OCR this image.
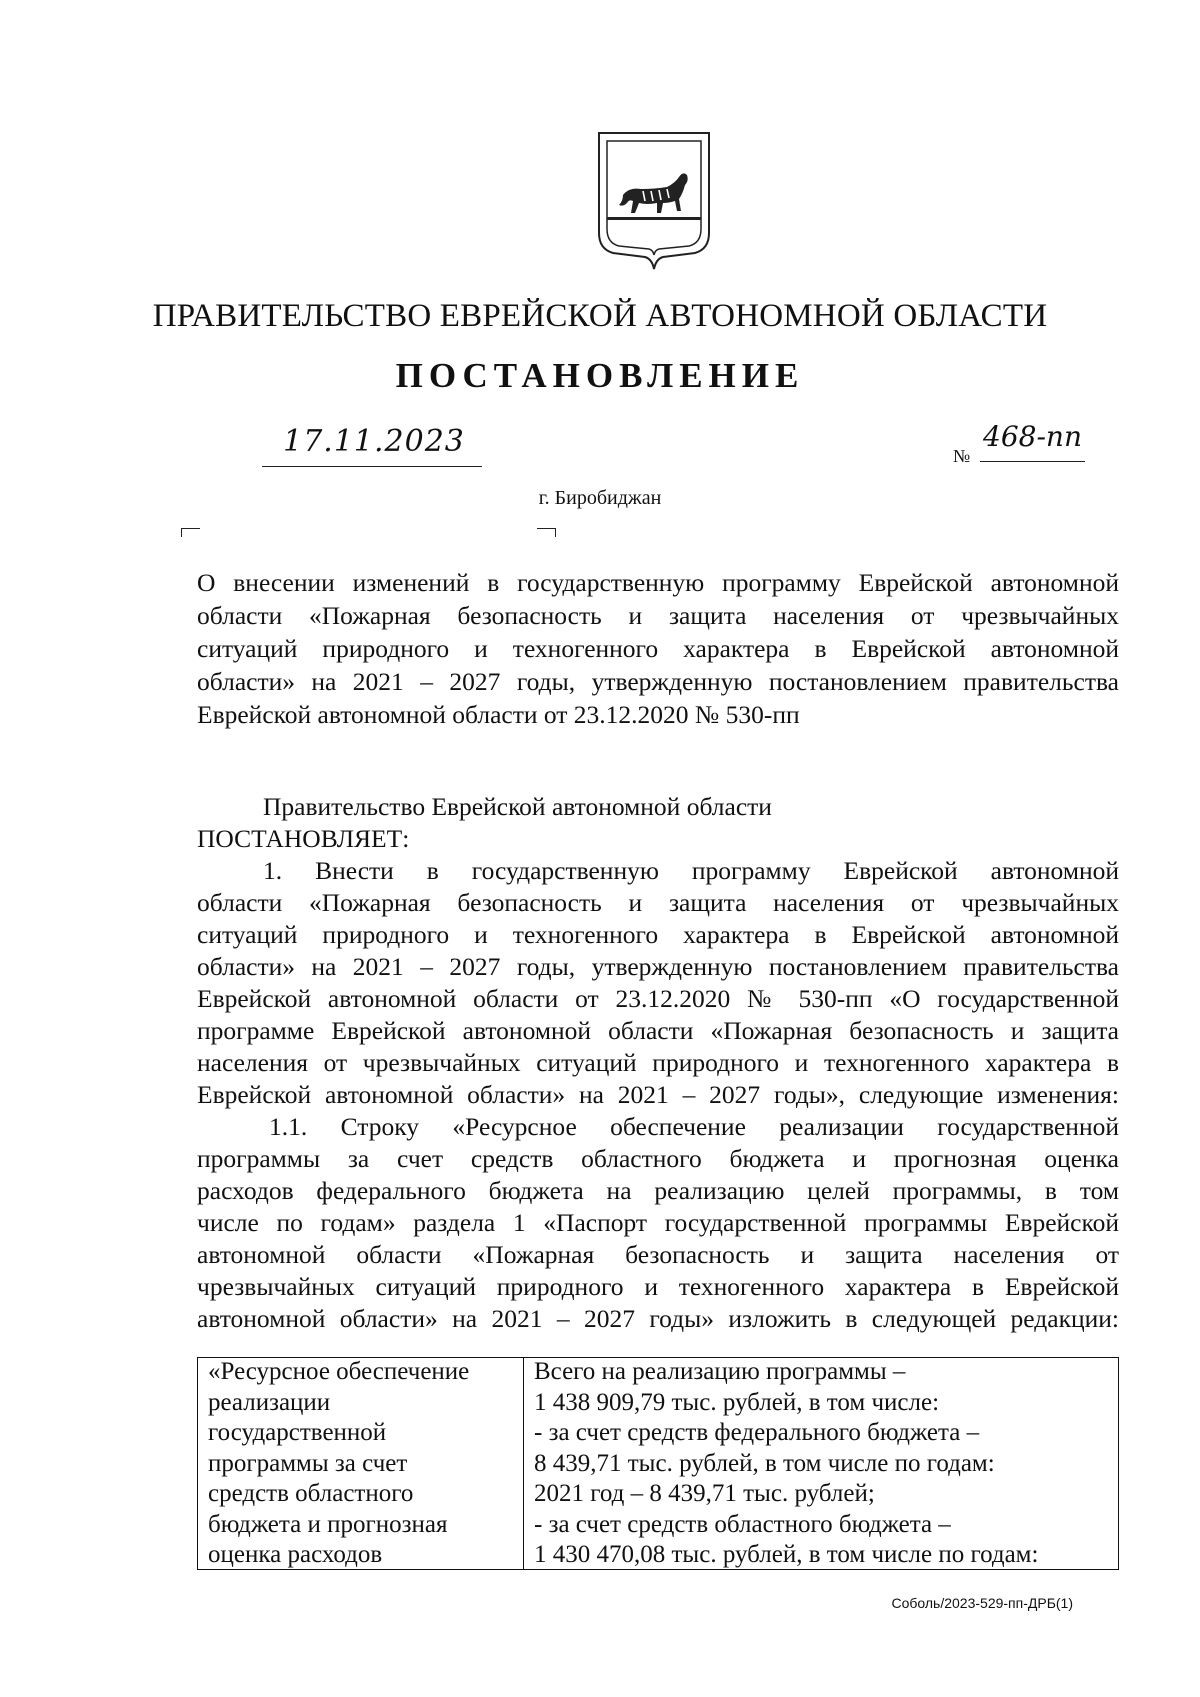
ПРАВИТЕЛЬСТВО ЕВРЕЙСКОЙ АВТОНОМНОЙ ОБЛАСТИ
ПОСТАНОВЛЕНИЕ
17.11.2023	№
468-пп
г. Биробиджан
О внесении изменений в государственную программу Еврейской автономной
области «Пожарная безопасность и защита населения от чрезвычайных
ситуаций природного и техногенного характера в Еврейской автономной
области» на 2021 – 2027 годы, утвержденную постановлением правительства
Еврейской автономной области от 23.12.2020 № 530-пп
Правительство Еврейской автономной области
ПОСТАНОВЛЯЕТ:
1. Внести в государственную программу Еврейской автономной
области «Пожарная безопасность и защита населения от чрезвычайных
ситуаций природного и техногенного характера в Еврейской автономной
области» на 2021 – 2027 годы, утвержденную постановлением правительства
Еврейской автономной области от 23.12.2020 № 530-пп «О государственной
программе Еврейской автономной области «Пожарная безопасность и защита
населения от чрезвычайных ситуаций природного и техногенного характера в
Еврейской автономной области» на 2021 – 2027 годы», следующие изменения:
1.1. Строку «Ресурсное обеспечение реализации государственной
программы за счет средств областного бюджета и прогнозная оценка
расходов федерального бюджета на реализацию целей программы, в том
числе по годам» раздела 1 «Паспорт государственной программы Еврейской
автономной области «Пожарная безопасность и защита населения от
чрезвычайных ситуаций природного и техногенного характера в Еврейской
автономной области» на 2021 – 2027 годы» изложить в следующей редакции:
«Ресурсное обеспечение
реализации
государственной
программы за счет
средств областного
бюджета и прогнозная
оценка расходов
Всего на реализацию программы –
1 438 909,79 тыс. рублей, в том числе:
- за счет средств федерального бюджета –
8 439,71 тыс. рублей, в том числе по годам:
2021 год – 8 439,71 тыс. рублей;
- за счет средств областного бюджета –
1 430 470,08 тыс. рублей, в том числе по годам:
Соболь/2023-529-пп-ДРБ(1)
